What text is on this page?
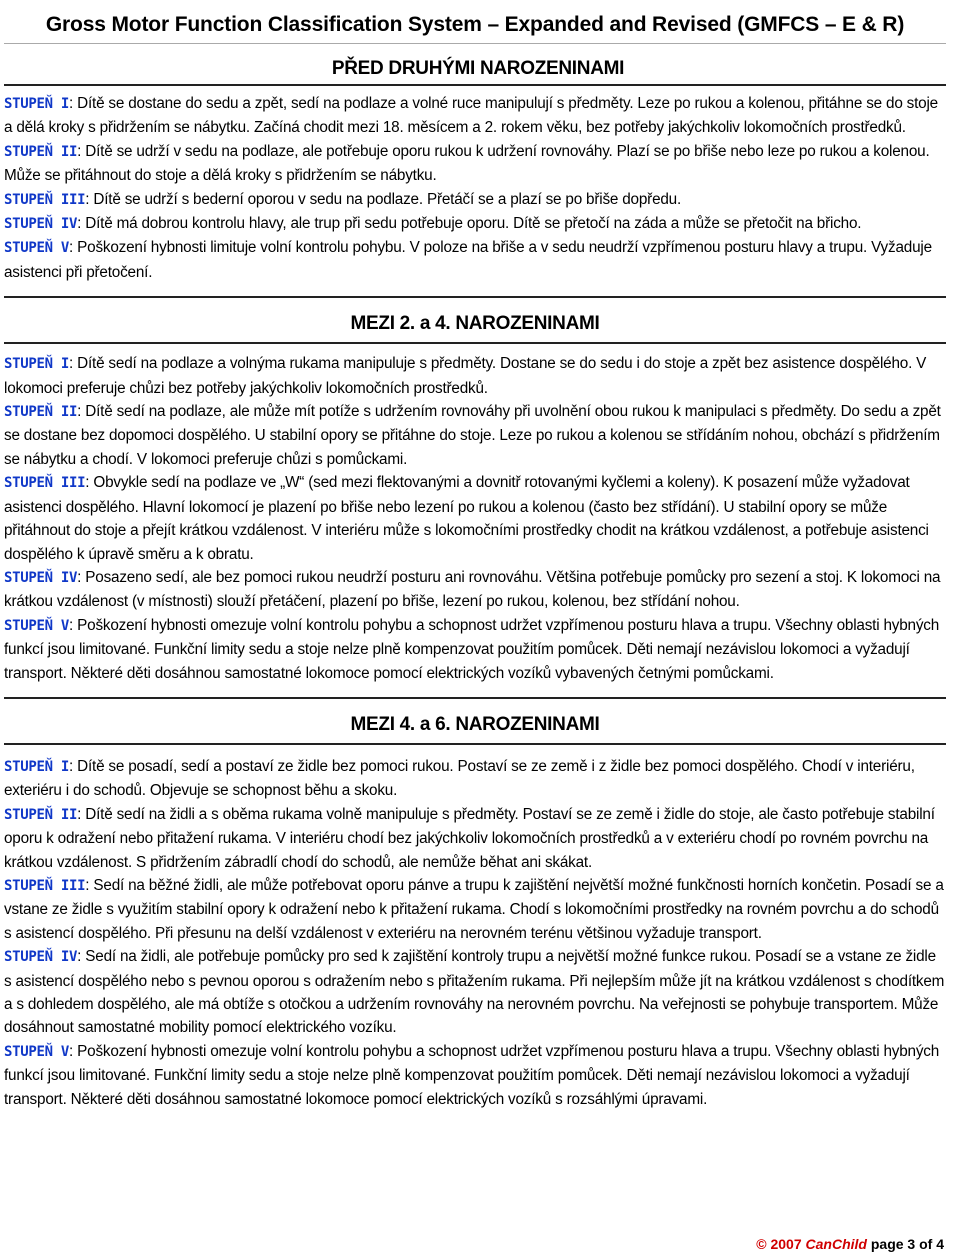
Gross Motor Function Classification System – Expanded and Revised (GMFCS – E & R)
PŘED DRUHÝMI NAROZENINAMI

STUPEŇ I: Dítě se dostane do sedu a zpět, sedí na podlaze a volné ruce manipulují s předměty. Leze po rukou a kolenou, přitáhne se do stoje a dělá kroky s přidržením se nábytku. Začíná chodit mezi 18. měsícem a 2. rokem věku, bez potřeby jakýchkoliv lokomočních prostředků.

STUPEŇ II: Dítě se udrží v sedu na podlaze, ale potřebuje oporu rukou k udržení rovnováhy. Plazí se po břiše nebo leze po rukou a kolenou. Může se přitáhnout do stoje a dělá kroky s přidržením se nábytku.

STUPEŇ III: Dítě se udrží s bederní oporou v sedu na podlaze. Přetáčí se a plazí se po břiše dopředu.

STUPEŇ IV: Dítě má dobrou kontrolu hlavy, ale trup při sedu potřebuje oporu. Dítě se přetočí na záda a může se přetočit na břicho.

STUPEŇ V: Poškození hybnosti limituje volní kontrolu pohybu. V poloze na břiše a v sedu neudrží vzpřímenou posturu hlavy a trupu. Vyžaduje asistenci při přetočení.

MEZI 2. a 4. NAROZENINAMI

STUPEŇ I: Dítě sedí na podlaze a volnýma rukama manipuluje s předměty. Dostane se do sedu i do stoje a zpět bez asistence dospělého. V lokomoci preferuje chůzi bez potřeby jakýchkoliv lokomočních prostředků.

STUPEŇ II: Dítě sedí na podlaze, ale může mít potíže s udržením rovnováhy při uvolnění obou rukou k manipulaci s předměty. Do sedu a zpět se dostane bez dopomoci dospělého. U stabilní opory se přitáhne do stoje. Leze po rukou a kolenou se střídáním nohou, obchází s přidržením se nábytku a chodí. V lokomoci preferuje chůzi s pomůckami.

STUPEŇ III: Obvykle sedí na podlaze ve „W“ (sed mezi flektovanými a dovnitř rotovanými kyčlemi a koleny). K posazení může vyžadovat asistenci dospělého. Hlavní lokomocí je plazení po břiše nebo lezení po rukou a kolenou (často bez střídání). U stabilní opory se může přitáhnout do stoje a přejít krátkou vzdálenost. V interiéru může s lokomočními prostředky chodit na krátkou vzdálenost, a potřebuje asistenci dospělého k úpravě směru a k obratu.

STUPEŇ IV: Posazeno sedí, ale bez pomoci rukou neudrží posturu ani rovnováhu. Většina potřebuje pomůcky pro sezení a stoj. K lokomoci na krátkou vzdálenost (v místnosti) slouží přetáčení, plazení po břiše, lezení po rukou, kolenou, bez střídání nohou.

STUPEŇ V: Poškození hybnosti omezuje volní kontrolu pohybu a schopnost udržet vzpřímenou posturu hlava a trupu. Všechny oblasti hybných funkcí jsou limitované. Funkční limity sedu a stoje nelze plně kompenzovat použitím pomůcek. Děti nemají nezávislou lokomoci a vyžadují transport. Některé děti dosáhnou samostatné lokomoce pomocí elektrických vozíků vybavených četnými pomůckami.

MEZI 4. a 6. NAROZENINAMI

STUPEŇ I: Dítě se posadí, sedí a postaví ze židle bez pomoci rukou. Postaví se ze země i z židle bez pomoci dospělého. Chodí v interiéru, exteriéru i do schodů. Objevuje se schopnost běhu a skoku.

STUPEŇ II: Dítě sedí na židli a s oběma rukama volně manipuluje s předměty. Postaví se ze země i židle do stoje, ale často potřebuje stabilní oporu k odražení nebo přitažení rukama. V interiéru chodí bez jakýchkoliv lokomočních prostředků a v exteriéru chodí po rovném povrchu na krátkou vzdálenost. S přidržením zábradlí chodí do schodů, ale nemůže běhat ani skákat.

STUPEŇ III: Sedí na běžné židli, ale může potřebovat oporu pánve a trupu k zajištění největší možné funkčnosti horních končetin. Posadí se a vstane ze židle s využitím stabilní opory k odražení nebo k přitažení rukama. Chodí s lokomočními prostředky na rovném povrchu a do schodů s asistencí dospělého. Při přesunu na delší vzdálenost v exteriéru na nerovném terénu většinou vyžaduje transport.

STUPEŇ IV: Sedí na židli, ale potřebuje pomůcky pro sed k zajištění kontroly trupu a největší možné funkce rukou. Posadí se a vstane ze židle s asistencí dospělého nebo s pevnou oporou s odražením nebo s přitažením rukama. Při nejlepším může jít na krátkou vzdálenost s chodítkem a s dohledem dospělého, ale má obtíže s otočkou a udržením rovnováhy na nerovném povrchu. Na veřejnosti se pohybuje transportem. Může dosáhnout samostatné mobility pomocí elektrického vozíku.

STUPEŇ V: Poškození hybnosti omezuje volní kontrolu pohybu a schopnost udržet vzpřímenou posturu hlava a trupu. Všechny oblasti hybných funkcí jsou limitované. Funkční limity sedu a stoje nelze plně kompenzovat použitím pomůcek. Děti nemají nezávislou lokomoci a vyžadují transport. Některé děti dosáhnou samostatné lokomoce pomocí elektrických vozíků s rozsáhlými úpravami.

© 2007 CanChild page 3 of 4
